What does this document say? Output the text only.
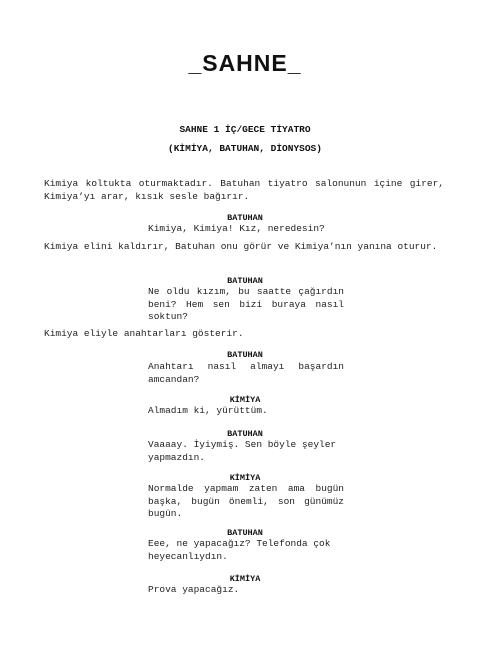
_SAHNE_
SAHNE 1 İÇ/GECE TİYATRO
(KİMİYA, BATUHAN, DİONYSOS)
Kimiya koltukta oturmaktadır. Batuhan tiyatro salonunun içine girer, Kimiya’yı arar, kısık sesle bağırır.
BATUHAN
Kimiya, Kimiya! Kız, neredesin?
Kimiya elini kaldırır, Batuhan onu görür ve Kimiya’nın yanına oturur.
BATUHAN
Ne oldu kızım, bu saatte çağırdın beni? Hem sen bizi buraya nasıl soktun?
Kimiya eliyle anahtarları gösterir.
BATUHAN
Anahtarı nasıl almayı başardın amcandan?
KİMİYA
Almadım ki, yürüttüm.
BATUHAN
Vaaaay. İyiymiş. Sen böyle şeyler yapmazdın.
KİMİYA
Normalde yapmam zaten ama bugün başka, bugün önemli, son günümüz bugün.
BATUHAN
Eee, ne yapacağız? Telefonda çok heyecanlıydın.
KİMİYA
Prova yapacağız.
